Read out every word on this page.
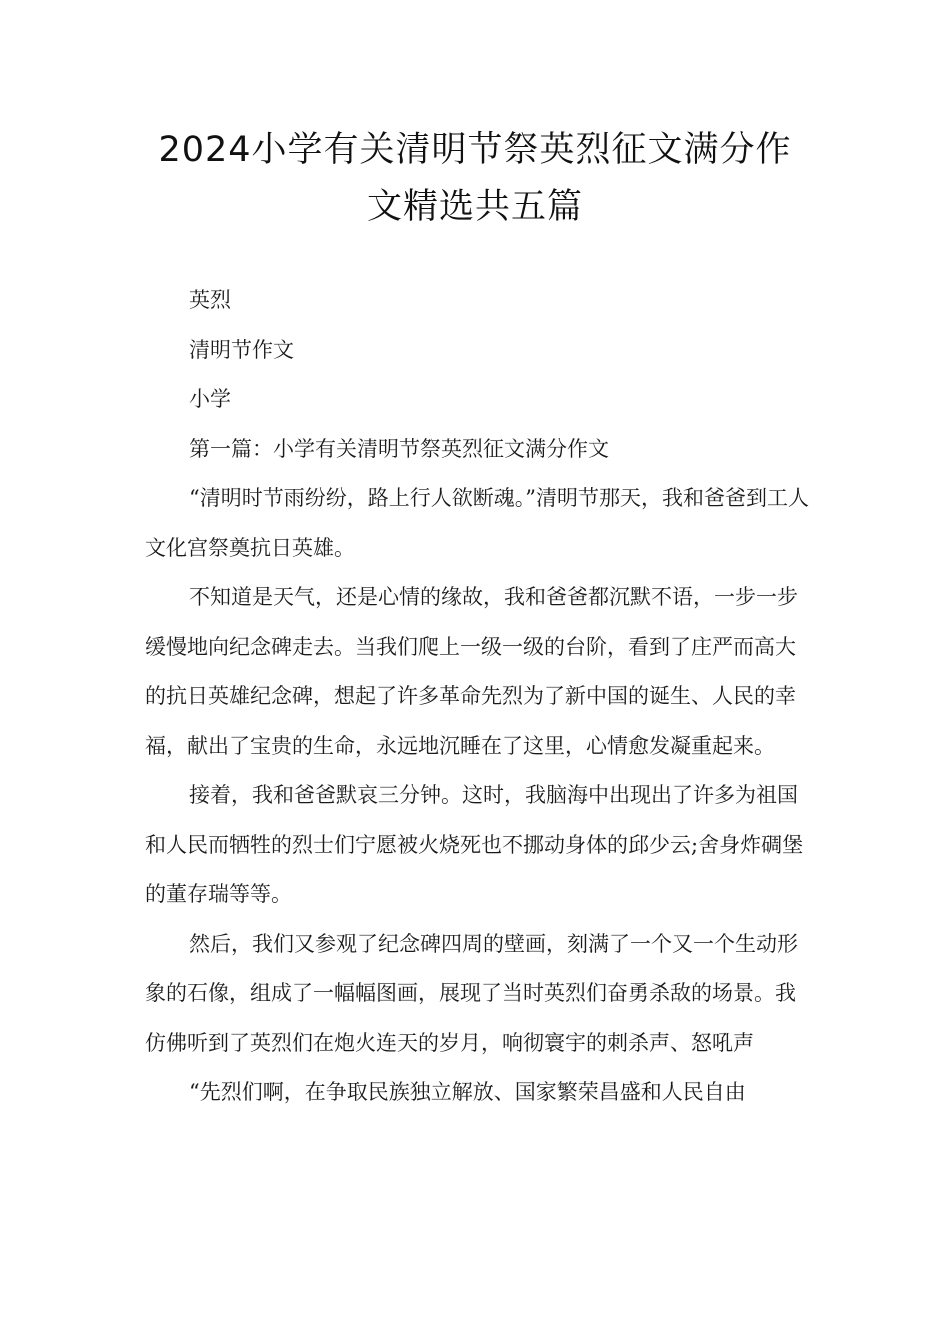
2024小学有关清明节祭英烈征文满分作
文精选共五篇

英烈

清明节作文

小学

第一篇：小学有关清明节祭英烈征文满分作文

“清明时节雨纷纷，路上行人欲断魂。”清明节那天，我和爸爸到工人文化宫祭奠抗日英雄。

不知道是天气，还是心情的缘故，我和爸爸都沉默不语，一步一步缓慢地向纪念碑走去。当我们爬上一级一级的台阶，看到了庄严而高大的抗日英雄纪念碑，想起了许多革命先烈为了新中国的诞生、人民的幸福，献出了宝贵的生命，永远地沉睡在了这里，心情愈发凝重起来。

接着，我和爸爸默哀三分钟。这时，我脑海中出现出了许多为祖国和人民而牺牲的烈士们宁愿被火烧死也不挪动身体的邱少云;舍身炸碉堡的董存瑞等等。

然后，我们又参观了纪念碑四周的壁画，刻满了一个又一个生动形象的石像，组成了一幅幅图画，展现了当时英烈们奋勇杀敌的场景。我仿佛听到了英烈们在炮火连天的岁月，响彻寰宇的刺杀声、怒吼声

“先烈们啊，在争取民族独立解放、国家繁荣昌盛和人民自由
